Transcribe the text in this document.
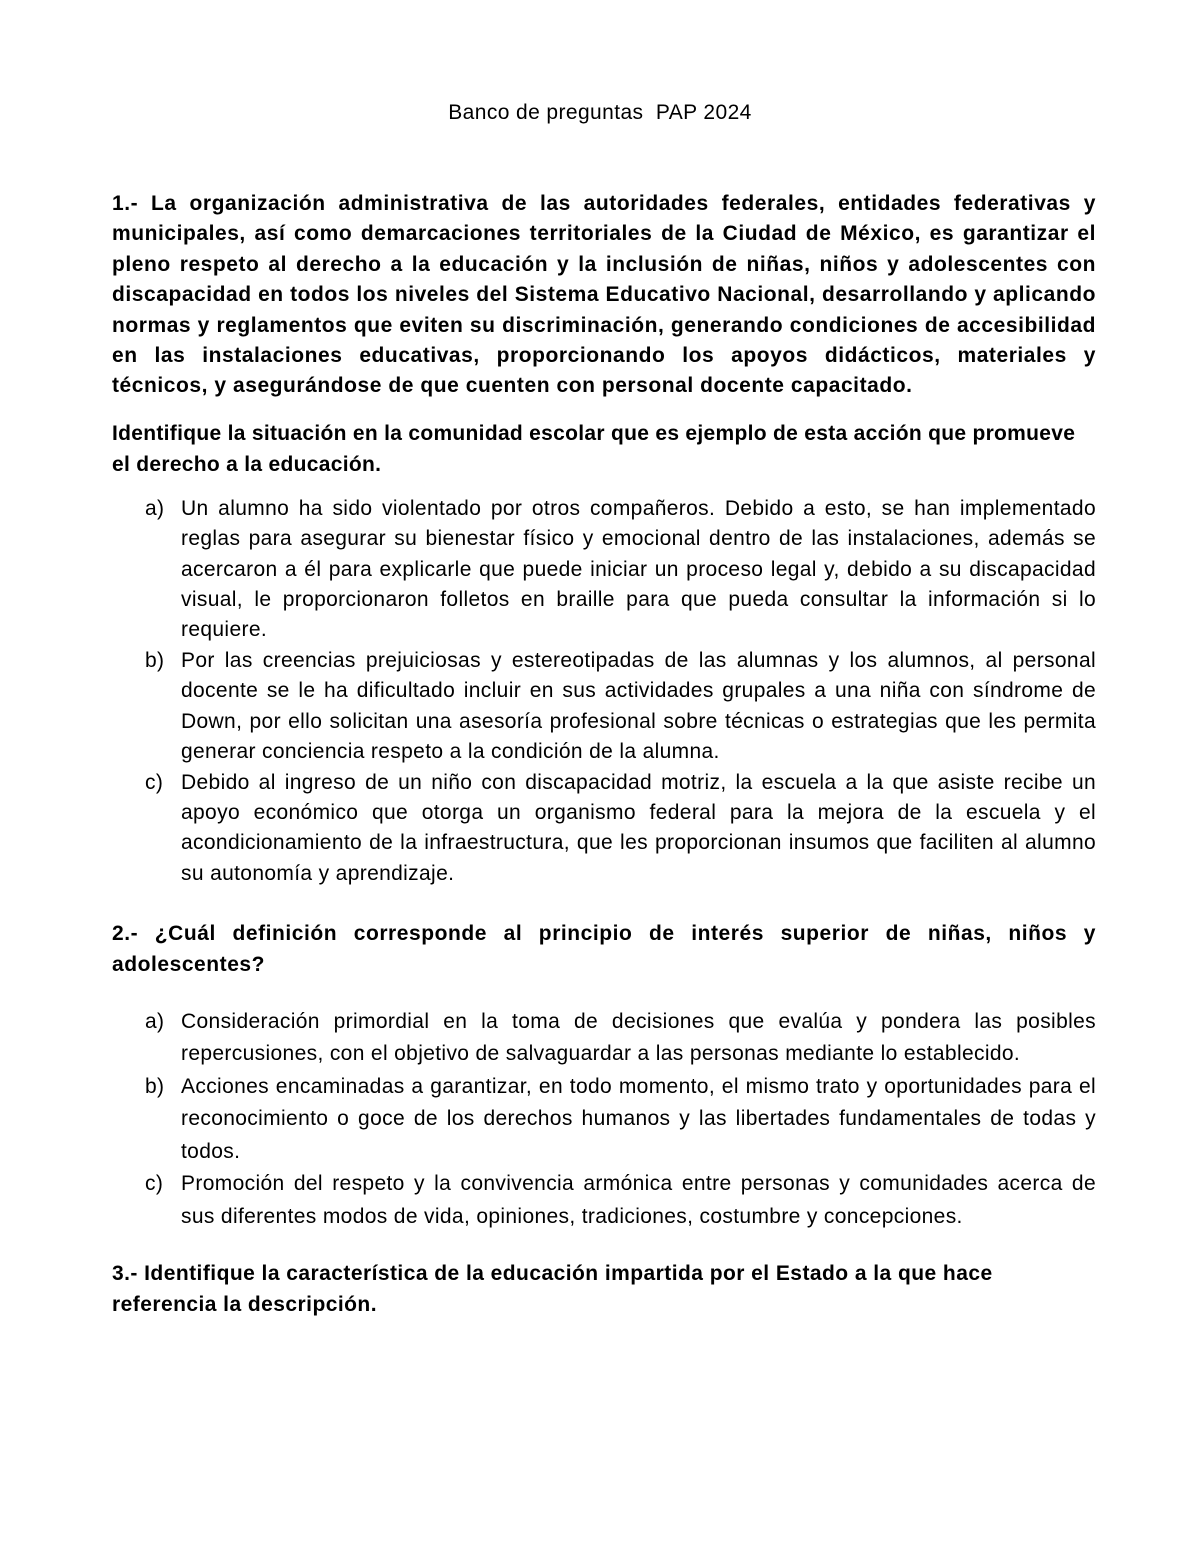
Banco de preguntas  PAP 2024

1.- La organización administrativa de las autoridades federales, entidades federativas y municipales, así como demarcaciones territoriales de la Ciudad de México, es garantizar el pleno respeto al derecho a la educación y la inclusión de niñas, niños y adolescentes con discapacidad en todos los niveles del Sistema Educativo Nacional, desarrollando y aplicando normas y reglamentos que eviten su discriminación, generando condiciones de accesibilidad en las instalaciones educativas, proporcionando los apoyos didácticos, materiales y técnicos, y asegurándose de que cuenten con personal docente capacitado.

Identifique la situación en la comunidad escolar que es ejemplo de esta acción que promueve el derecho a la educación.

a) Un alumno ha sido violentado por otros compañeros. Debido a esto, se han implementado reglas para asegurar su bienestar físico y emocional dentro de las instalaciones, además se acercaron a él para explicarle que puede iniciar un proceso legal y, debido a su discapacidad visual, le proporcionaron folletos en braille para que pueda consultar la información si lo requiere.
b) Por las creencias prejuiciosas y estereotipadas de las alumnas y los alumnos, al personal docente se le ha dificultado incluir en sus actividades grupales a una niña con síndrome de Down, por ello solicitan una asesoría profesional sobre técnicas o estrategias que les permita generar conciencia respeto a la condición de la alumna.
c) Debido al ingreso de un niño con discapacidad motriz, la escuela a la que asiste recibe un apoyo económico que otorga un organismo federal para la mejora de la escuela y el acondicionamiento de la infraestructura, que les proporcionan insumos que faciliten al alumno su autonomía y aprendizaje.

2.- ¿Cuál definición corresponde al principio de interés superior de niñas, niños y adolescentes?

a) Consideración primordial en la toma de decisiones que evalúa y pondera las posibles repercusiones, con el objetivo de salvaguardar a las personas mediante lo establecido.
b) Acciones encaminadas a garantizar, en todo momento, el mismo trato y oportunidades para el reconocimiento o goce de los derechos humanos y las libertades fundamentales de todas y todos.
c) Promoción del respeto y la convivencia armónica entre personas y comunidades acerca de sus diferentes modos de vida, opiniones, tradiciones, costumbre y concepciones.

3.- Identifique la característica de la educación impartida por el Estado a la que hace referencia la descripción.
